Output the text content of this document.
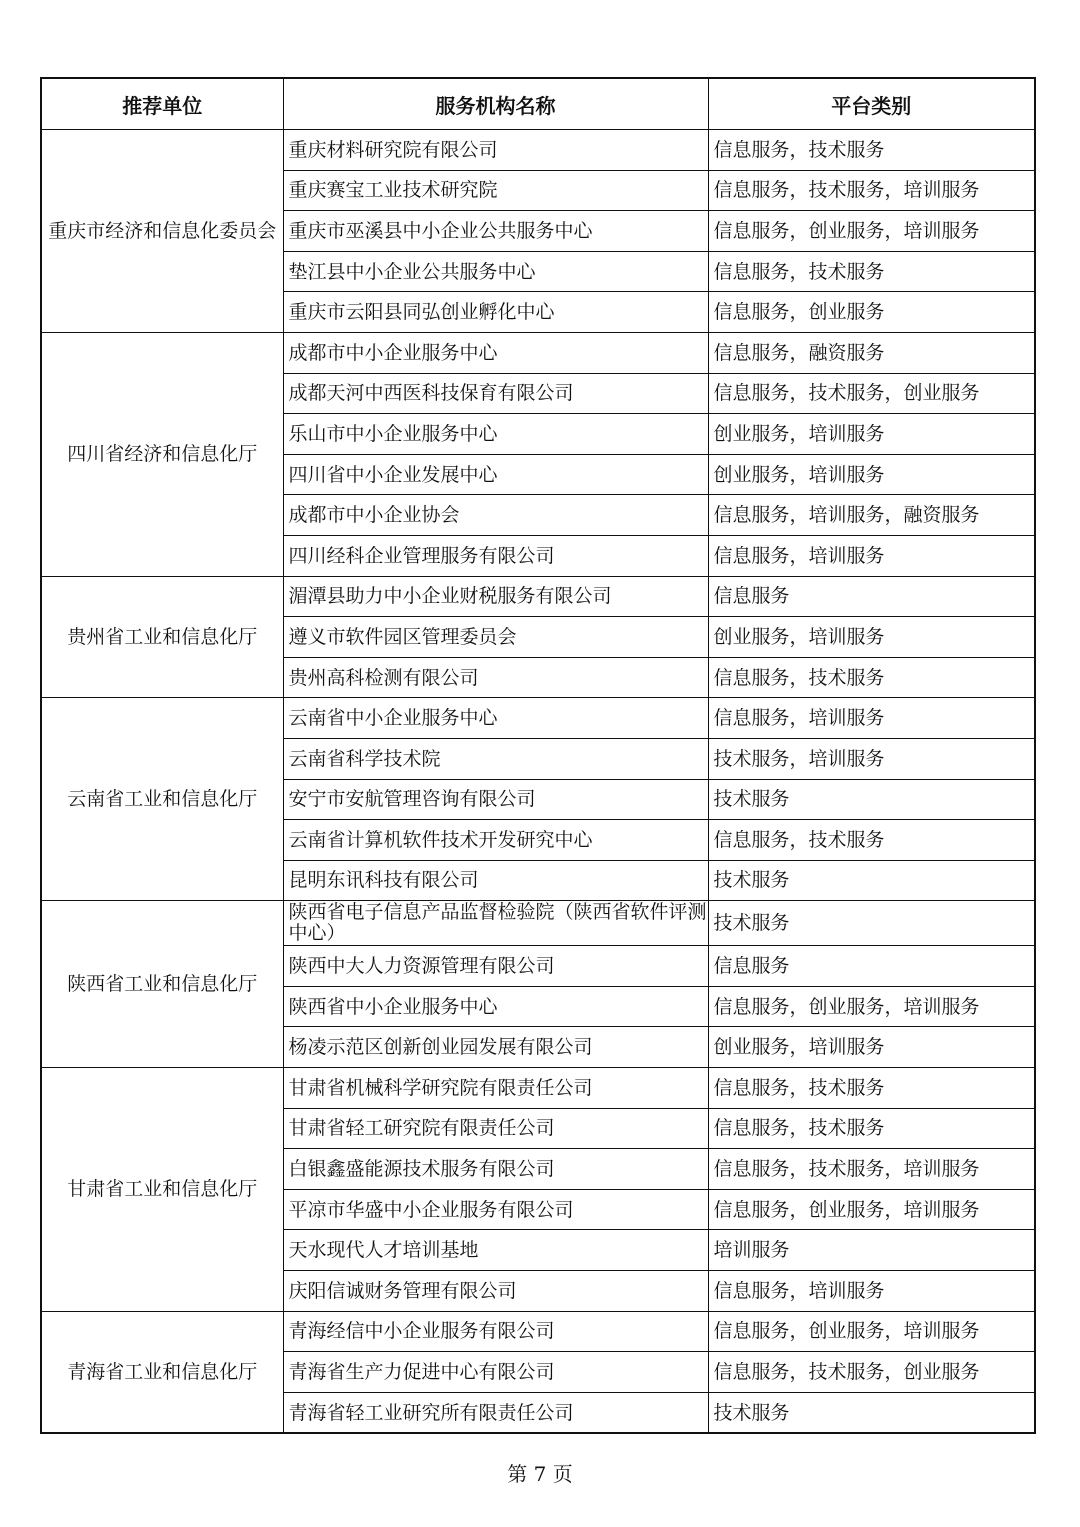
推荐单位	服务机构名称	平台类别
重庆市经济和信息化委员会	重庆材料研究院有限公司	信息服务，技术服务
	重庆赛宝工业技术研究院	信息服务，技术服务，培训服务
	重庆市巫溪县中小企业公共服务中心	信息服务，创业服务，培训服务
	垫江县中小企业公共服务中心	信息服务，技术服务
	重庆市云阳县同弘创业孵化中心	信息服务，创业服务
四川省经济和信息化厅	成都市中小企业服务中心	信息服务，融资服务
	成都天河中西医科技保育有限公司	信息服务，技术服务，创业服务
	乐山市中小企业服务中心	创业服务，培训服务
	四川省中小企业发展中心	创业服务，培训服务
	成都市中小企业协会	信息服务，培训服务，融资服务
	四川经科企业管理服务有限公司	信息服务，培训服务
贵州省工业和信息化厅	湄潭县助力中小企业财税服务有限公司	信息服务
	遵义市软件园区管理委员会	创业服务，培训服务
	贵州高科检测有限公司	信息服务，技术服务
云南省工业和信息化厅	云南省中小企业服务中心	信息服务，培训服务
	云南省科学技术院	技术服务，培训服务
	安宁市安航管理咨询有限公司	技术服务
	云南省计算机软件技术开发研究中心	信息服务，技术服务
	昆明东讯科技有限公司	技术服务
陕西省工业和信息化厅	陕西省电子信息产品监督检验院（陕西省软件评测中心）	技术服务
	陕西中大人力资源管理有限公司	信息服务
	陕西省中小企业服务中心	信息服务，创业服务，培训服务
	杨凌示范区创新创业园发展有限公司	创业服务，培训服务
甘肃省工业和信息化厅	甘肃省机械科学研究院有限责任公司	信息服务，技术服务
	甘肃省轻工研究院有限责任公司	信息服务，技术服务
	白银鑫盛能源技术服务有限公司	信息服务，技术服务，培训服务
	平凉市华盛中小企业服务有限公司	信息服务，创业服务，培训服务
	天水现代人才培训基地	培训服务
	庆阳信诚财务管理有限公司	信息服务，培训服务
青海省工业和信息化厅	青海经信中小企业服务有限公司	信息服务，创业服务，培训服务
	青海省生产力促进中心有限公司	信息服务，技术服务，创业服务
	青海省轻工业研究所有限责任公司	技术服务
第 7 页
